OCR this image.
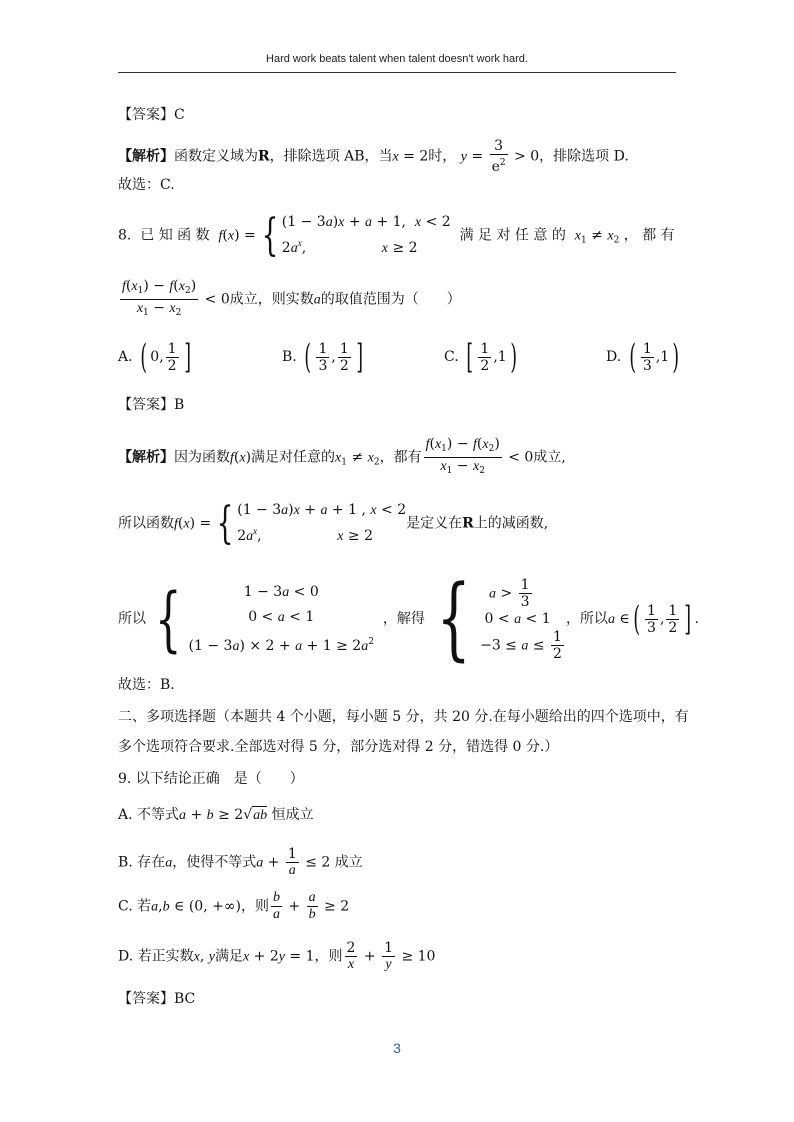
Hard work beats talent when talent doesn't work hard.
【答案】C
【解析】函数定义域为R，排除选项 AB，当x = 2时， $y = \frac{3}{e^2} > 0$，排除选项 D.
故选：C.
8. 已 知 函 数 f(x) = { (1 − 3a)x + a + 1,  x < 2
$2a^x$,                 x ≥ 2
满 足 对 任 意 的 $x_1 \ne x_2$ ， 都 有
$\frac{f(x_1) - f(x_2)}{x_1 - x_2} < 0$成立，则实数a的取值范围为（　　）
A. ( 0, $\frac{1}{2}$ ]	B. ( $\frac{1}{3}$ , $\frac{1}{2}$ ]	C. [ $\frac{1}{2} ,1$)	D. ( $\frac{1}{3} ,1$)
【答案】B
【解析】因为函数f(x)满足对任意的$x_1 \ne x_2$，都有 $\frac{f(x_1) - f(x_2)}{x_1 - x_2} < 0$成立,
所以函数f(x) = { (1 − 3a)x + a + 1 , x < 2
$2a^x$,                 x ≥ 2
是定义在R上的减函数,
所以 {	1 − 3a < 0
0 < a < 1
$(1 - 3a) \times 2 + a + 1 \ge 2a^2$
，解得 {	$a > \frac{1}{3}$
0 < a < 1
$-3 \le a \le \frac{1}{2}$
，所以a ∈( $\frac{1}{3}$ , $\frac{1}{2}$ ] .
故选：B.
二、多项选择题（本题共 4 个小题，每小题 5 分，共 20 分.在每小题给出的四个选项中，有
多个选项符合要求.全部选对得 5 分，部分选对得 2 分，错选得 0 分.）
9. 以下结论正确　是（　　）
A. 不等式a + b ≥ 2√ab 恒成立
B. 存在a，使得不等式$a + \frac{1}{a} \le 2$ 成立
C. 若a,b ∈ (0, +∞)，则 $\frac{b}{a} + \frac{a}{b} \ge 2$
D. 若正实数x, y满足x + 2y = 1，则 $\frac{2}{x} + \frac{1}{y} \ge 10$
【答案】BC
3
